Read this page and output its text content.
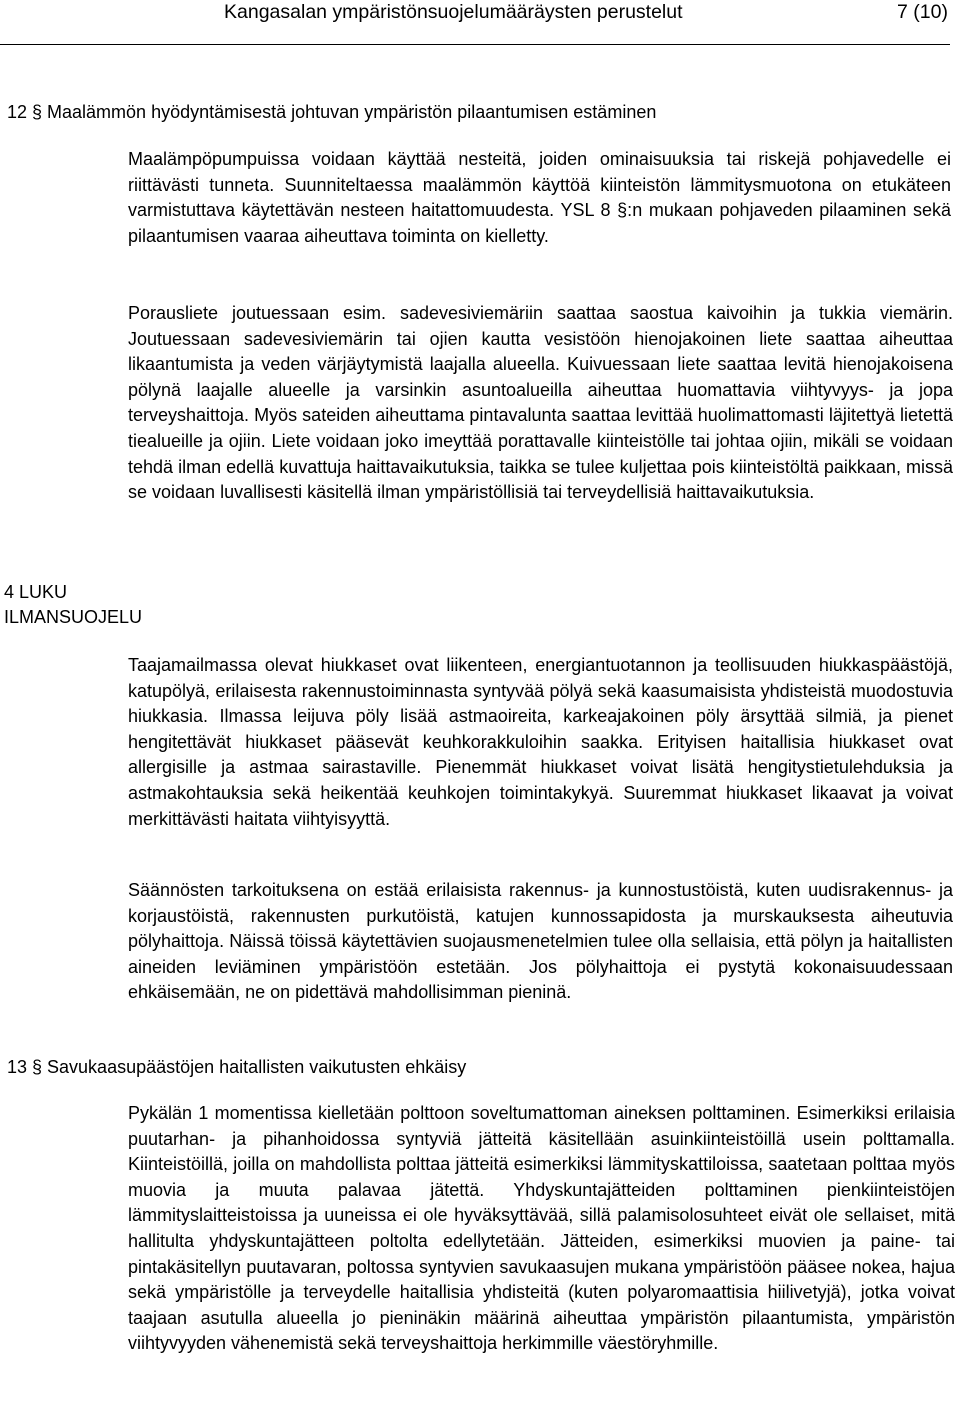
Kangasalan ympäristönsuojelumääräysten perustelut	7 (10)
12 § Maalämmön hyödyntämisestä johtuvan ympäristön pilaantumisen estäminen

Maalämpöpumpuissa voidaan käyttää nesteitä, joiden ominaisuuksia tai riskejä pohjavedelle ei riittävästi tunneta. Suunniteltaessa maalämmön käyttöä kiinteistön lämmitysmuotona on etukäteen varmistuttava käytettävän nesteen haitattomuudesta. YSL 8 §:n mukaan pohjaveden pilaaminen sekä pilaantumisen vaaraa aiheuttava toiminta on kielletty.

Porausliete joutuessaan esim. sadevesiviemäriin saattaa saostua kaivoihin ja tukkia viemärin. Joutuessaan sadevesiviemärin tai ojien kautta vesistöön hienojakoinen liete saattaa aiheuttaa likaantumista ja veden värjäytymistä laajalla alueella. Kuivuessaan liete saattaa levitä hienojakoisena pölynä laajalle alueelle ja varsinkin asuntoalueilla aiheuttaa huomattavia viihtyvyys- ja jopa terveyshaittoja. Myös sateiden aiheuttama pintavalunta saattaa levittää huolimattomasti läjitettyä lietettä tiealueille ja ojiin. Liete voidaan joko imeyttää porattavalle kiinteistölle tai johtaa ojiin, mikäli se voidaan tehdä ilman edellä kuvattuja haittavaikutuksia, taikka se tulee kuljettaa pois kiinteistöltä paikkaan, missä se voidaan luvallisesti käsitellä ilman ympäristöllisiä tai terveydellisiä haittavaikutuksia.

4 LUKU
ILMANSUOJELU

Taajamailmassa olevat hiukkaset ovat liikenteen, energiantuotannon ja teollisuuden hiukkaspäästöjä, katupölyä, erilaisesta rakennustoiminnasta syntyvää pölyä sekä kaasumaisista yhdisteistä muodostuvia hiukkasia. Ilmassa leijuva pöly lisää astmaoireita, karkeajakoinen pöly ärsyttää silmiä, ja pienet hengitettävät hiukkaset pääsevät keuhkorakkuloihin saakka. Erityisen haitallisia hiukkaset ovat allergisille ja astmaa sairastaville. Pienemmät hiukkaset voivat lisätä hengitystietulehduksia ja astmakohtauksia sekä heikentää keuhkojen toimintakykyä. Suuremmat hiukkaset likaavat ja voivat merkittävästi haitata viihtyisyyttä.

Säännösten tarkoituksena on estää erilaisista rakennus- ja kunnostustöistä, kuten uudisrakennus- ja korjaustöistä, rakennusten purkutöistä, katujen kunnossapidosta ja murskauksesta aiheutuvia pölyhaittoja. Näissä töissä käytettävien suojausmenetelmien tulee olla sellaisia, että pölyn ja haitallisten aineiden leviäminen ympäristöön estetään. Jos pölyhaittoja ei pystytä kokonaisuudessaan ehkäisemään, ne on pidettävä mahdollisimman pieninä.

13 § Savukaasupäästöjen haitallisten vaikutusten ehkäisy

Pykälän 1 momentissa kielletään polttoon soveltumattoman aineksen polttaminen. Esimerkiksi erilaisia puutarhan- ja pihanhoidossa syntyviä jätteitä käsitellään asuinkiinteistöillä usein polttamalla. Kiinteistöillä, joilla on mahdollista polttaa jätteitä esimerkiksi lämmityskattiloissa, saatetaan polttaa myös muovia ja muuta palavaa jätettä. Yhdyskuntajätteiden polttaminen pienkiinteistöjen lämmityslaitteistoissa ja uuneissa ei ole hyväksyttävää, sillä palamisolosuhteet eivät ole sellaiset, mitä hallitulta yhdyskuntajätteen poltolta edellytetään. Jätteiden, esimerkiksi muovien ja paine- tai pintakäsitellyn puutavaran, poltossa syntyvien savukaasujen mukana ympäristöön pääsee nokea, hajua sekä ympäristölle ja terveydelle haitallisia yhdisteitä (kuten polyaromaattisia hiilivetyjä), jotka voivat taajaan asutulla alueella jo pieninäkin määrinä aiheuttaa ympäristön pilaantumista, ympäristön viihtyvyyden vähenemistä sekä terveyshaittoja herkimmille väestöryhmille.
